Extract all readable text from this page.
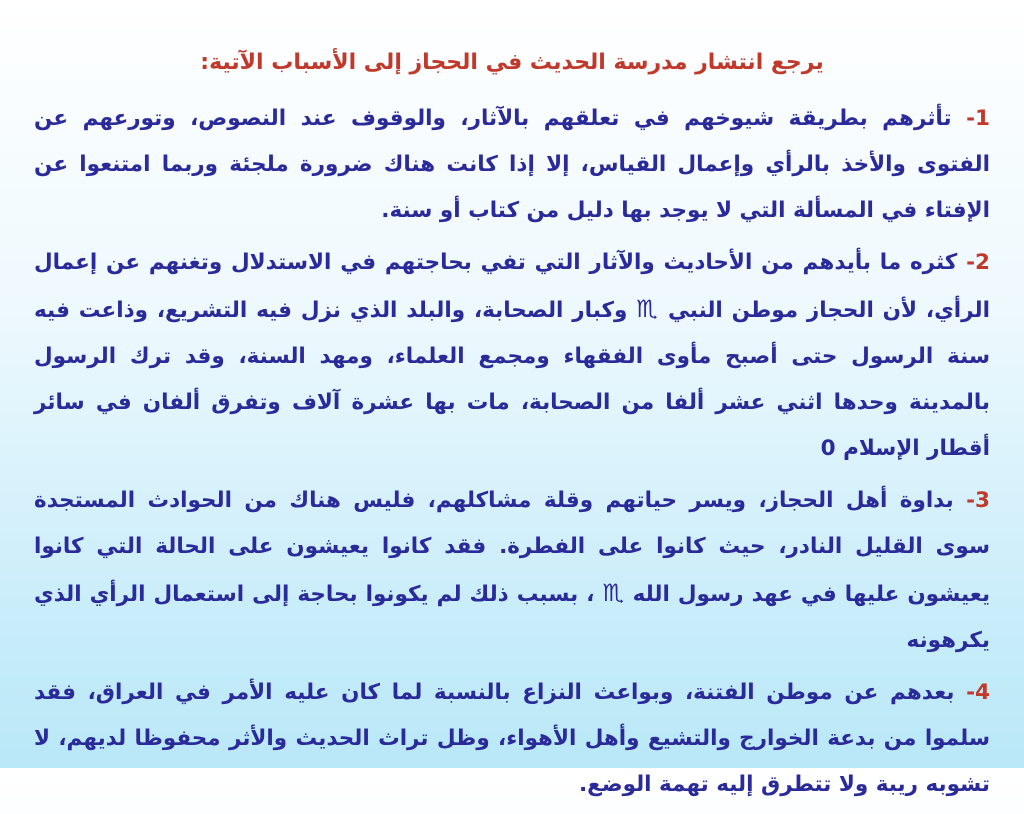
يرجع انتشار مدرسة الحديث في الحجاز إلى الأسباب الآتية:

1- تأثرهم بطريقة شيوخهم في تعلقهم بالآثار، والوقوف عند النصوص، وتورعهم عن الفتوى والأخذ بالرأي وإعمال القياس، إلا إذا كانت هناك ضرورة ملجئة وربما امتنعوا عن الإفتاء في المسألة التي لا يوجد بها دليل من كتاب أو سنة.

2- كثره ما بأيدهم من الأحاديث والآثار التي تفي بحاجتهم في الاستدلال وتغنهم عن إعمال الرأي، لأن الحجاز موطن النبي ♏ وكبار الصحابة، والبلد الذي نزل فيه التشريع، وذاعت فيه سنة الرسول حتى أصبح مأوى الفقهاء ومجمع العلماء، ومهد السنة، وقد ترك الرسول بالمدينة وحدها اثني عشر ألفا من الصحابة، مات بها عشرة آلاف وتفرق ألفان في سائر أقطار الإسلام 0

3- بداوة أهل الحجاز، ويسر حياتهم وقلة مشاكلهم، فليس هناك من الحوادث المستجدة سوى القليل النادر، حيث كانوا على الفطرة. فقد كانوا يعيشون على الحالة التي كانوا يعيشون عليها في عهد رسول الله ♏ ، بسبب ذلك لم يكونوا بحاجة إلى استعمال الرأي الذي يكرهونه

4- بعدهم عن موطن الفتنة، وبواعث النزاع بالنسبة لما كان عليه الأمر في العراق، فقد سلموا من بدعة الخوارج والتشيع وأهل الأهواء، وظل تراث الحديث والأثر محفوظا لديهم، لا تشوبه ريبة ولا تتطرق إليه تهمة الوضع.
